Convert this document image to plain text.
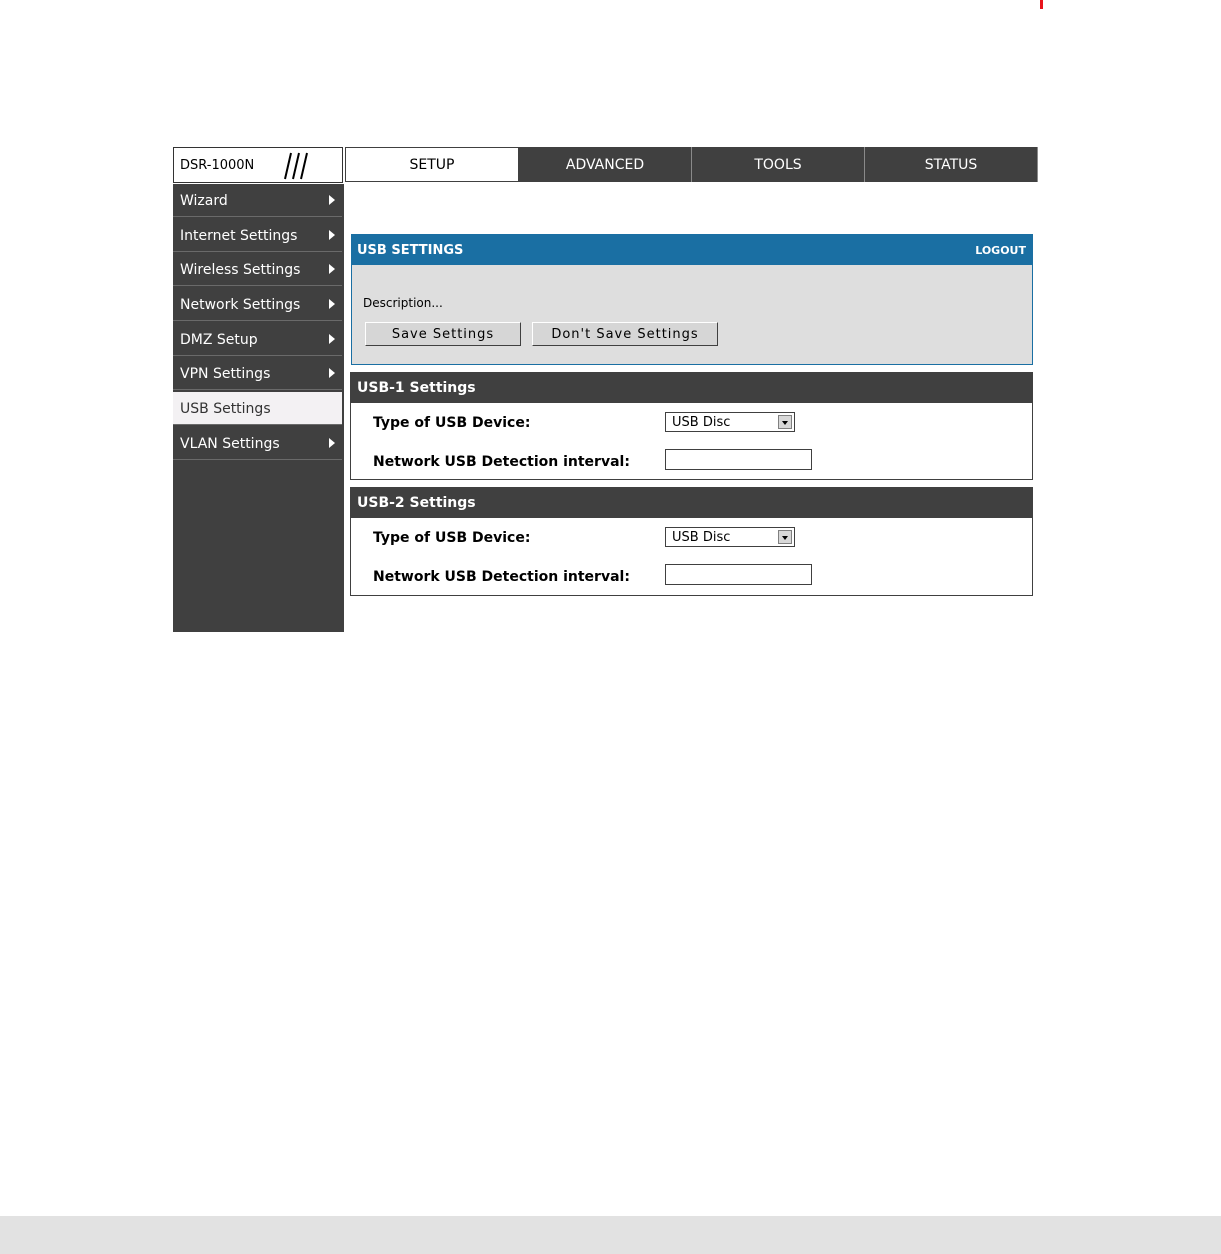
DSR-1000N	SETUP	ADVANCED	TOOLS	STATUS
Wizard
Internet Settings
Wireless Settings
Network Settings
DMZ Setup
VPN Settings
USB Settings
VLAN Settings
USB SETTINGS	LOGOUT
Description...
Save Settings	Don't Save Settings
USB-1 Settings
Type of USB Device:	USB Disc
Network USB Detection interval:
USB-2 Settings
Type of USB Device:	USB Disc
Network USB Detection interval:
